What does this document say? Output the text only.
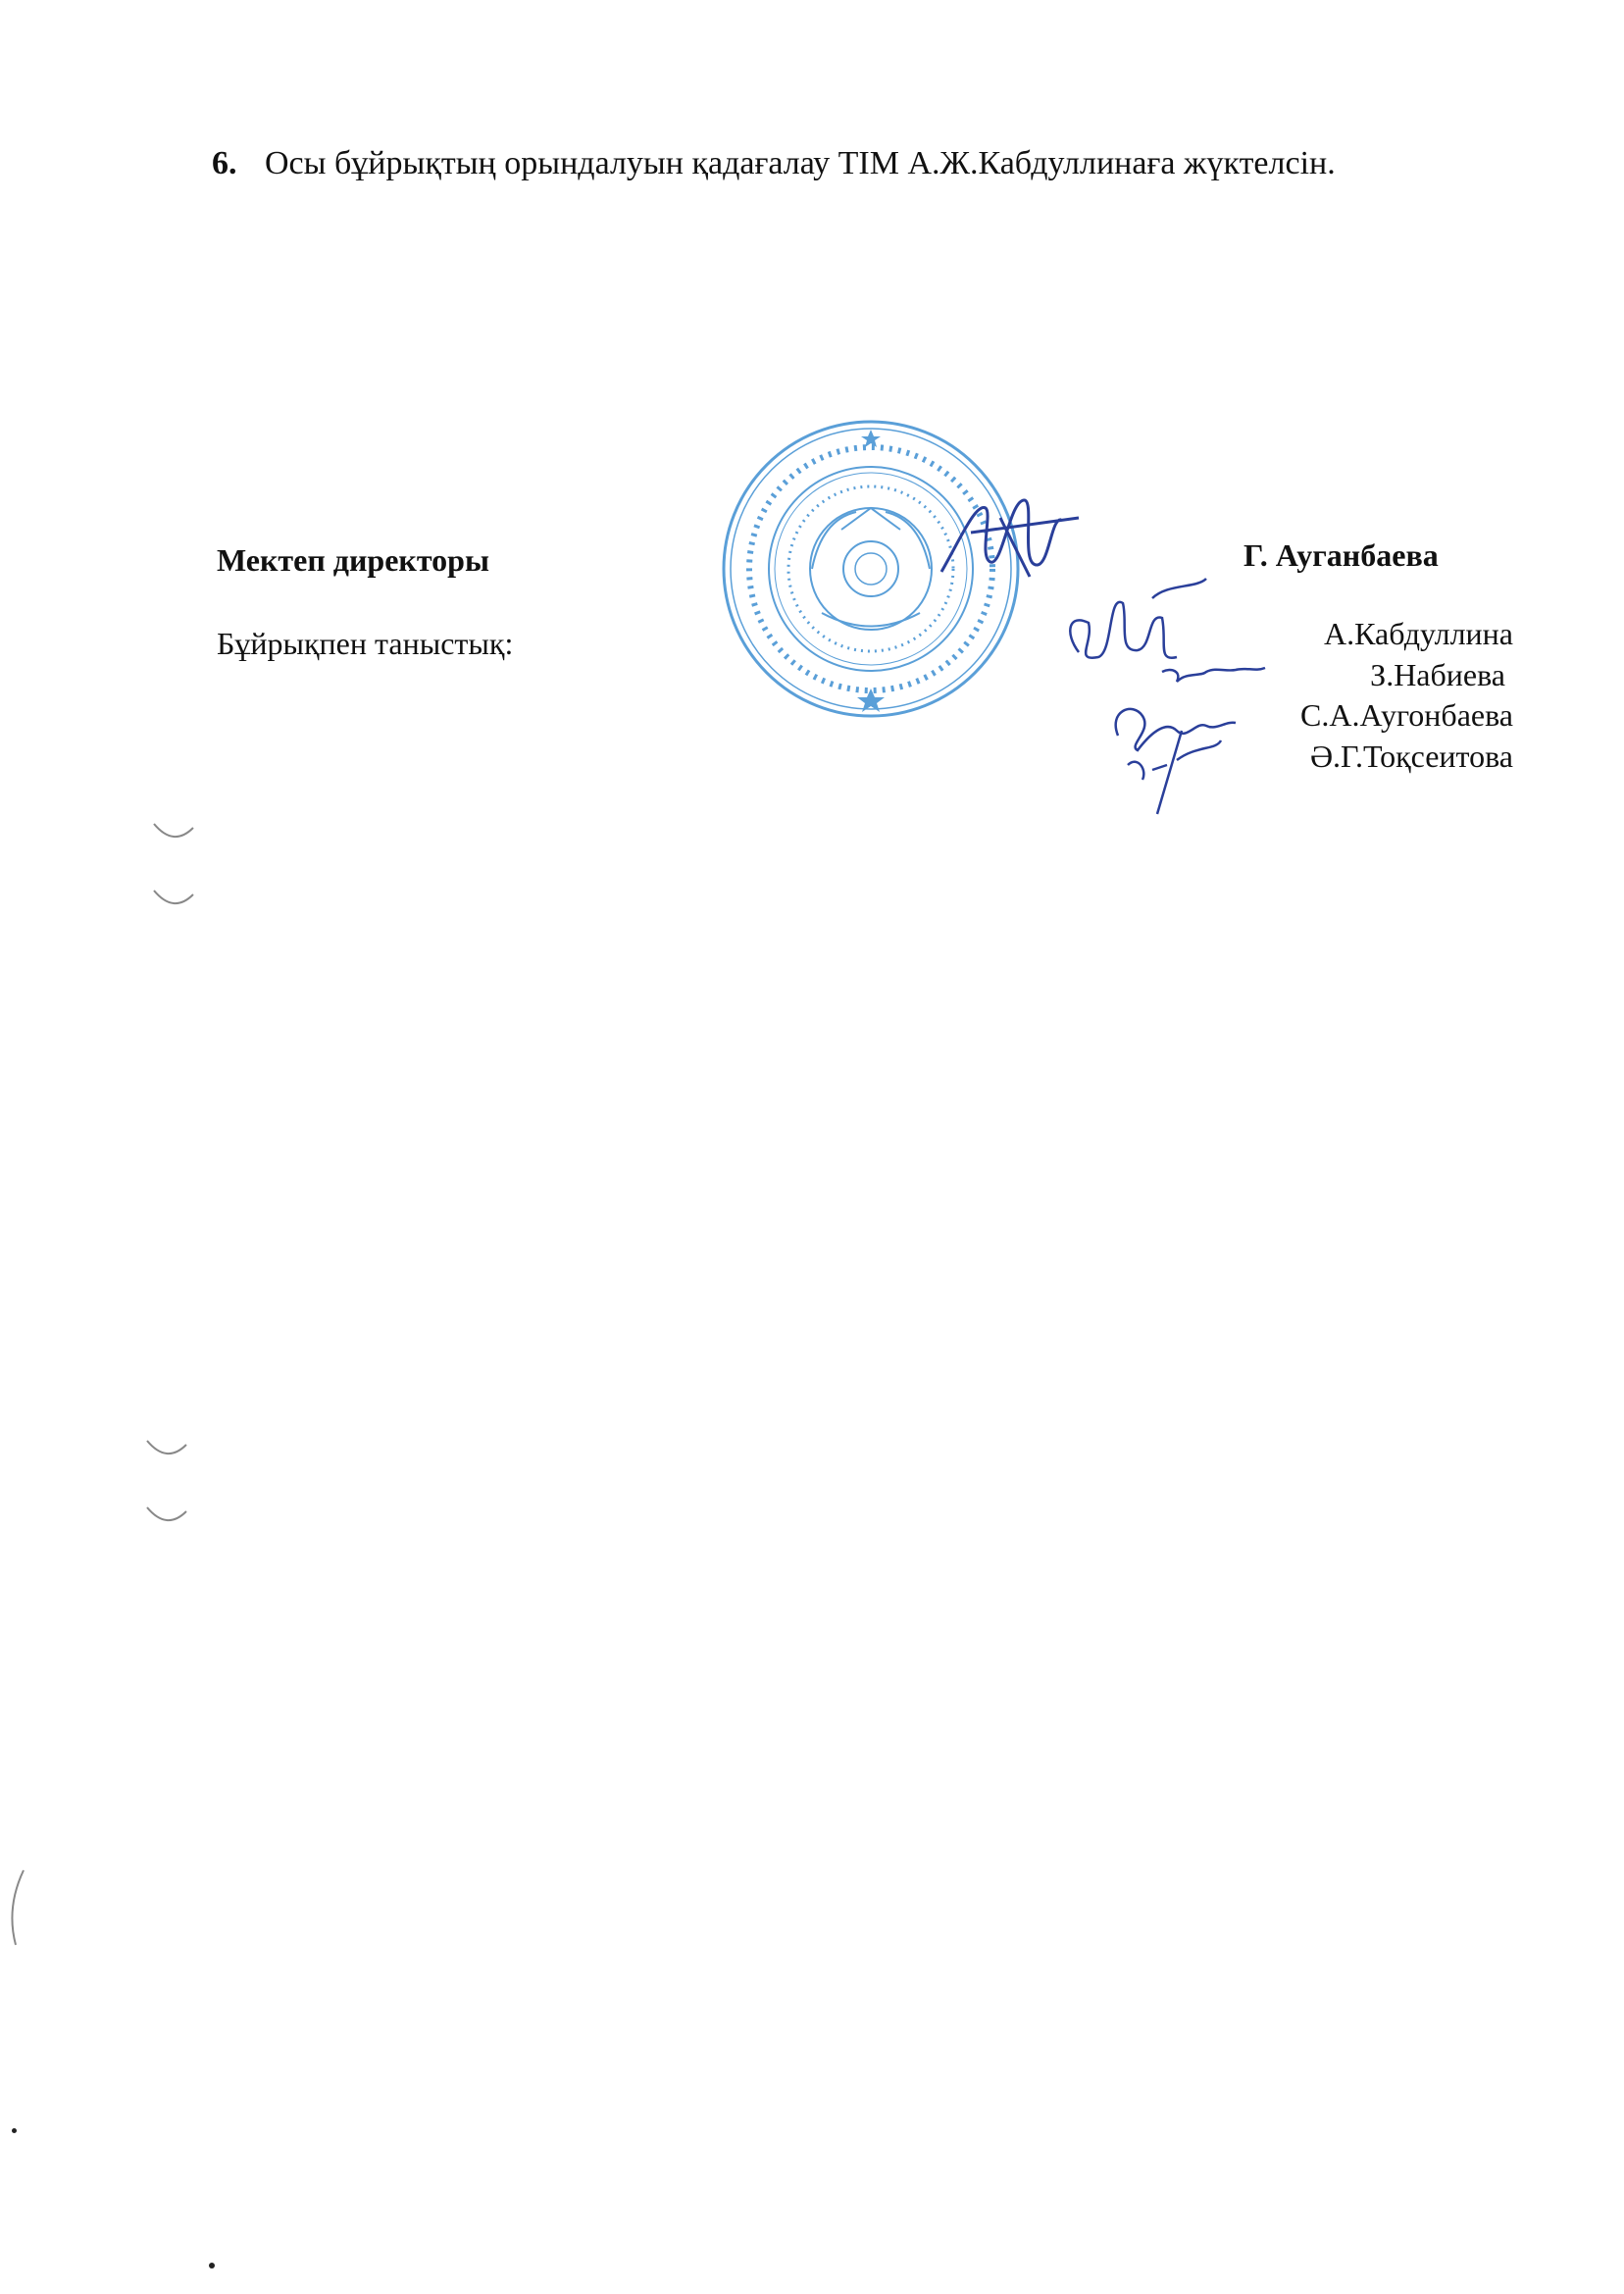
6. Осы бұйрықтың орындалуын қадағалау ТІМ А.Ж.Кабдуллинаға жүктелсін.
Мектеп директоры	Г. Ауганбаева
Бұйрықпен таныстық:	А.Кабдуллина
З.Набиева
С.А.Аугонбаева
Ә.Г.Тоқсеитова
